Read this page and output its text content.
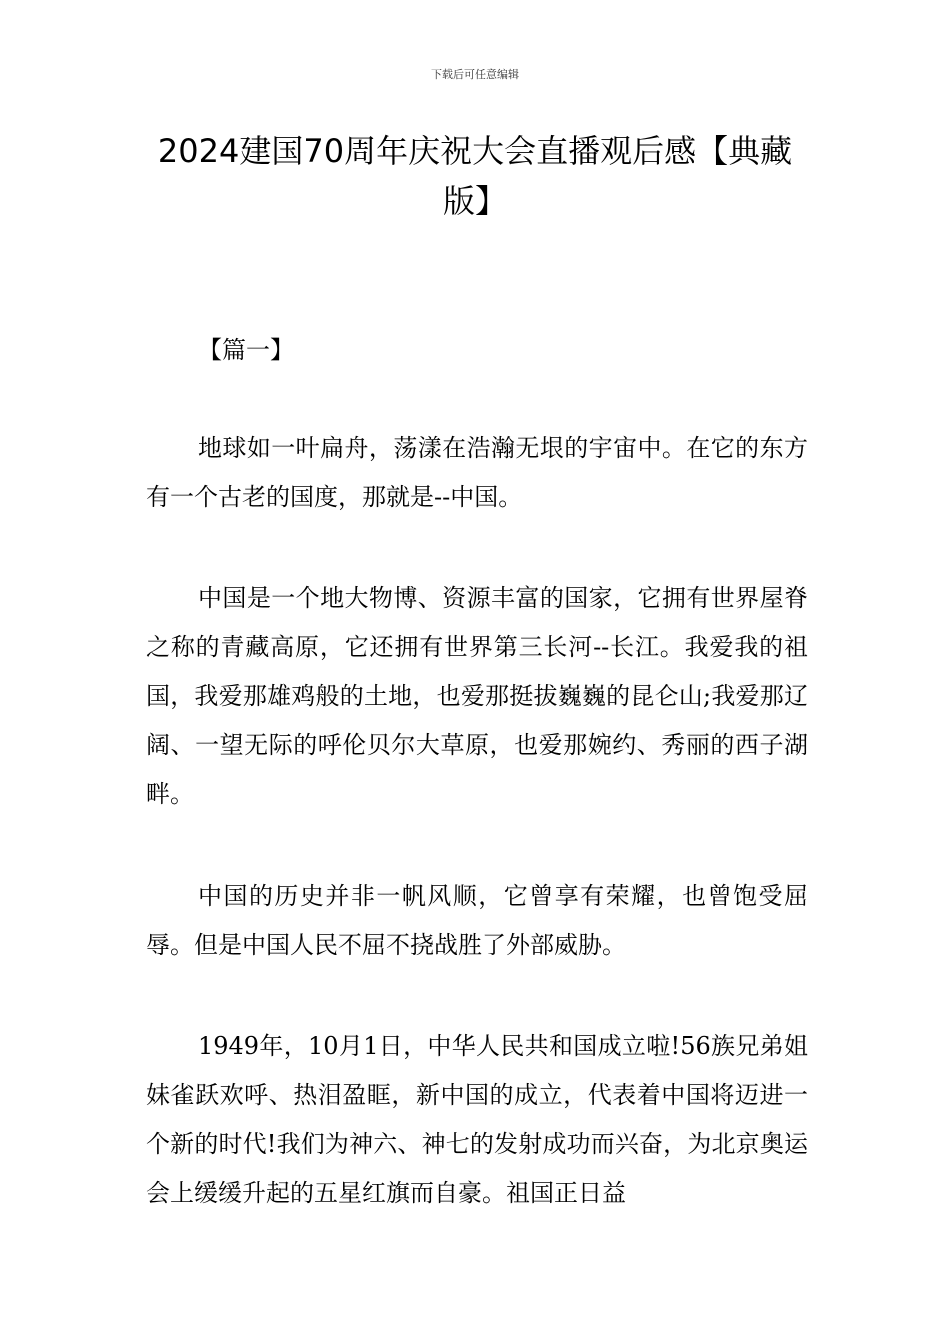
下载后可任意编辑
2024建国70周年庆祝大会直播观后感【典藏版】
【篇一】

地球如一叶扁舟，荡漾在浩瀚无垠的宇宙中。在它的东方有一个古老的国度，那就是--中国。

中国是一个地大物博、资源丰富的国家，它拥有世界屋脊之称的青藏高原，它还拥有世界第三长河--长江。我爱我的祖国，我爱那雄鸡般的土地，也爱那挺拔巍巍的昆仑山;我爱那辽阔、一望无际的呼伦贝尔大草原，也爱那婉约、秀丽的西子湖畔。

中国的历史并非一帆风顺，它曾享有荣耀，也曾饱受屈辱。但是中国人民不屈不挠战胜了外部威胁。

1949年，10月1日，中华人民共和国成立啦!56族兄弟姐妹雀跃欢呼、热泪盈眶，新中国的成立，代表着中国将迈进一个新的时代!我们为神六、神七的发射成功而兴奋，为北京奥运会上缓缓升起的五星红旗而自豪。祖国正日益
